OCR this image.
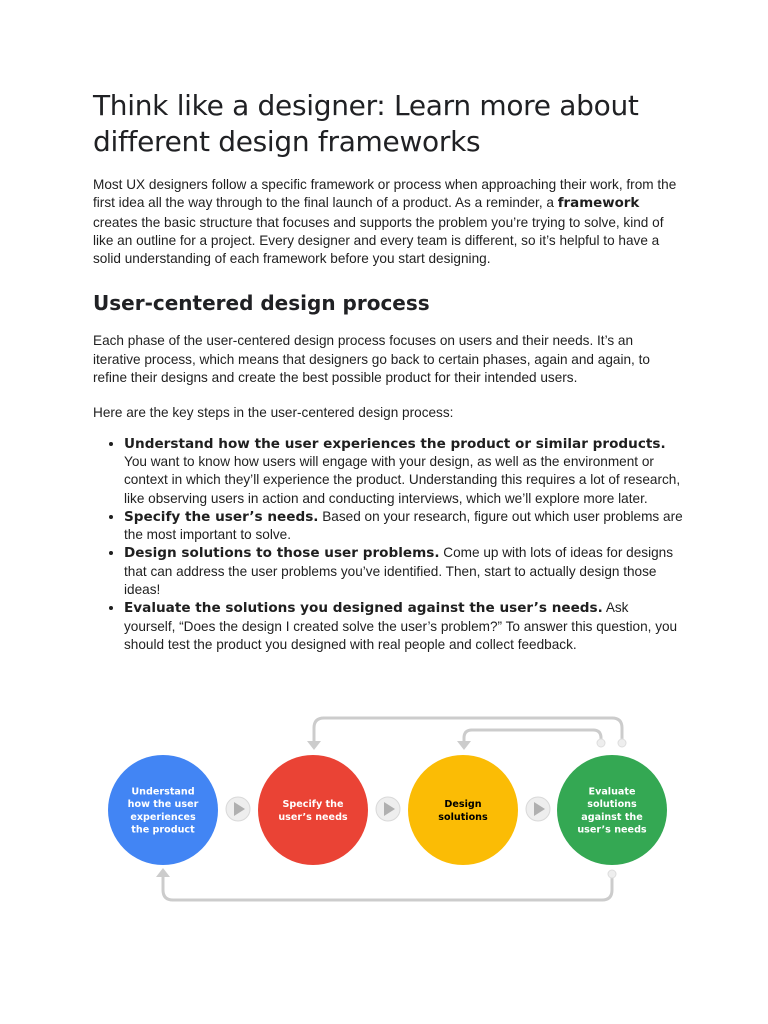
Think like a designer: Learn more about different design frameworks

Most UX designers follow a specific framework or process when approaching their work, from the first idea all the way through to the final launch of a product. As a reminder, a framework creates the basic structure that focuses and supports the problem you’re trying to solve, kind of like an outline for a project. Every designer and every team is different, so it’s helpful to have a solid understanding of each framework before you start designing.

User-centered design process

Each phase of the user-centered design process focuses on users and their needs. It’s an iterative process, which means that designers go back to certain phases, again and again, to refine their designs and create the best possible product for their intended users.

Here are the key steps in the user-centered design process:

• Understand how the user experiences the product or similar products. You want to know how users will engage with your design, as well as the environment or context in which they’ll experience the product. Understanding this requires a lot of research, like observing users in action and conducting interviews, which we’ll explore more later.
• Specify the user’s needs. Based on your research, figure out which user problems are the most important to solve.
• Design solutions to those user problems. Come up with lots of ideas for designs that can address the user problems you’ve identified. Then, start to actually design those ideas!
• Evaluate the solutions you designed against the user’s needs. Ask yourself, “Does the design I created solve the user’s problem?” To answer this question, you should test the product you designed with real people and collect feedback.
Understand how the user experiences the product
Specify the user’s needs
Design solutions
Evaluate solutions against the user’s needs
